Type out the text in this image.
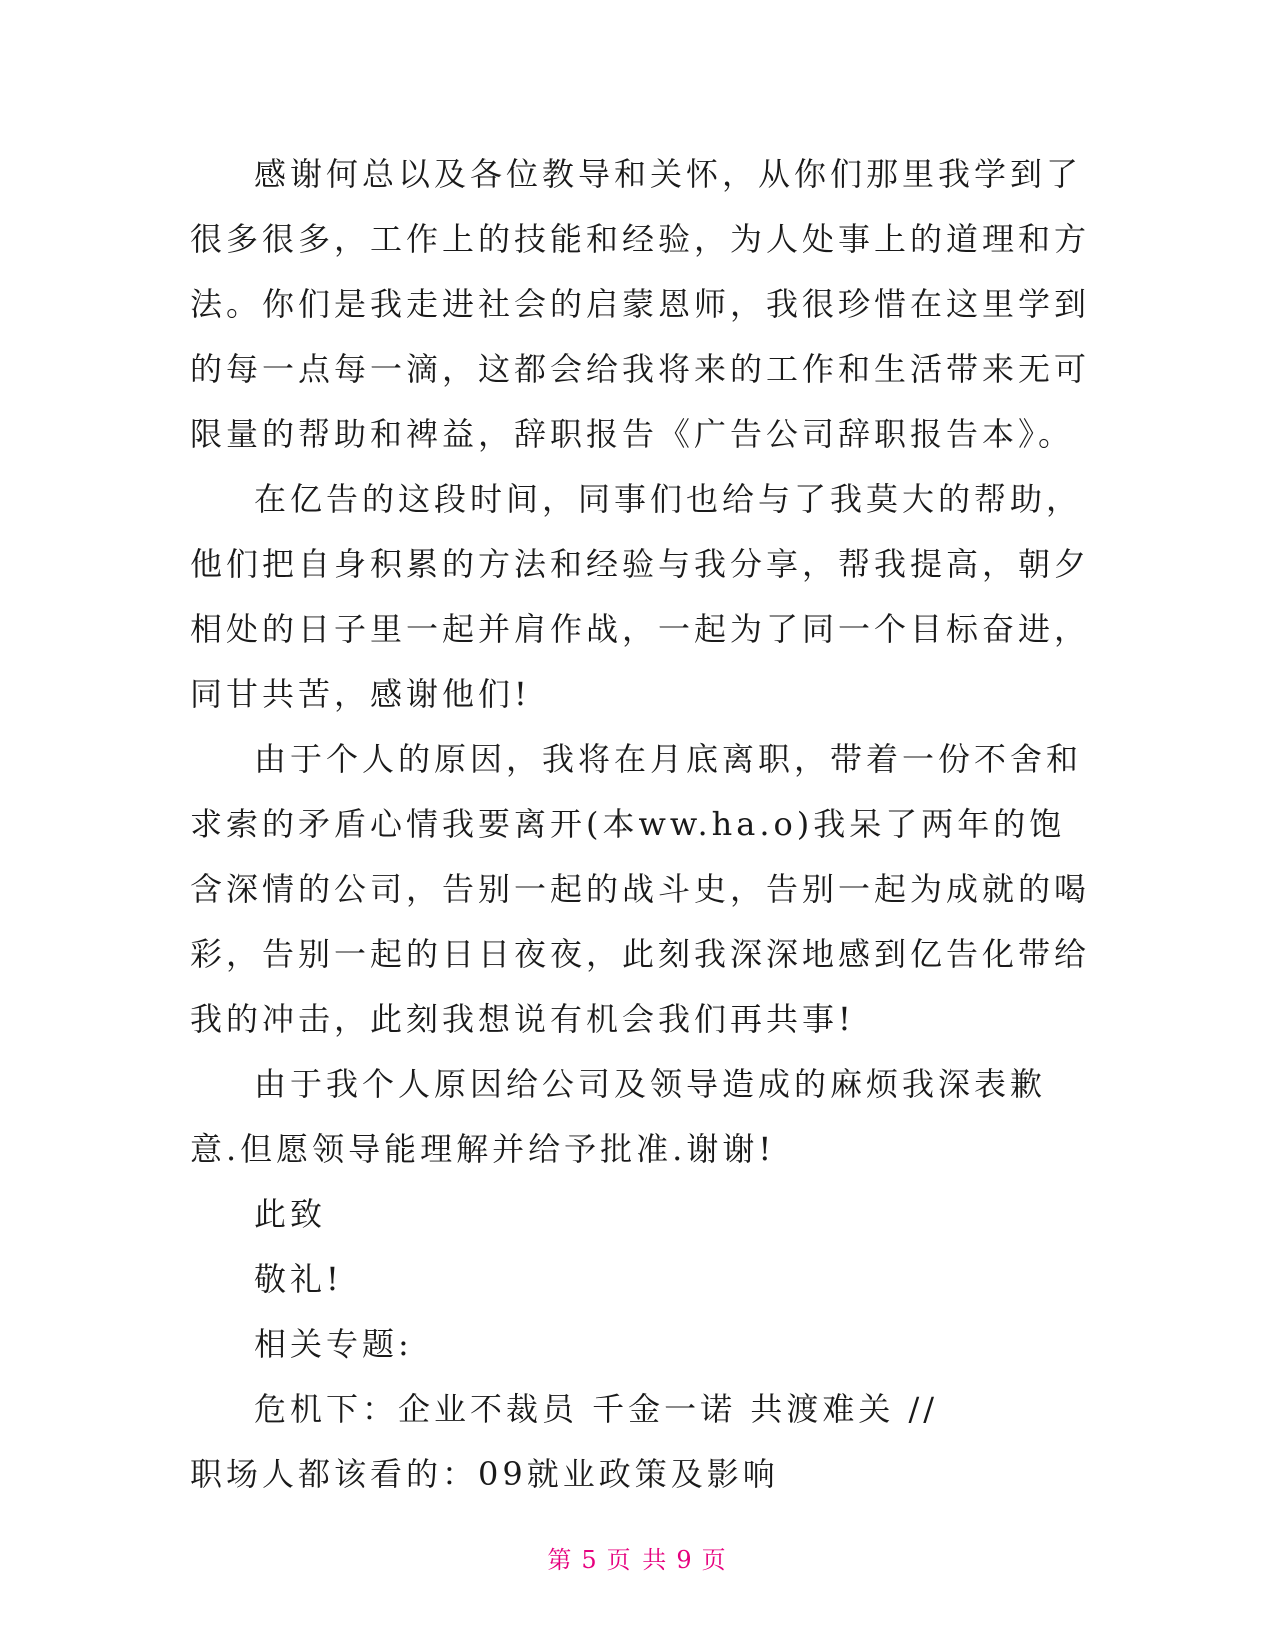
感谢何总以及各位教导和关怀，从你们那里我学到了很多很多，工作上的技能和经验，为人处事上的道理和方法。你们是我走进社会的启蒙恩师，我很珍惜在这里学到的每一点每一滴，这都会给我将来的工作和生活带来无可限量的帮助和裨益，辞职报告《广告公司辞职报告本》。

在亿告的这段时间，同事们也给与了我莫大的帮助，他们把自身积累的方法和经验与我分享，帮我提高，朝夕相处的日子里一起并肩作战，一起为了同一个目标奋进，同甘共苦，感谢他们!

由于个人的原因，我将在月底离职，带着一份不舍和求索的矛盾心情我要离开(本ww.ha.o)我呆了两年的饱含深情的公司，告别一起的战斗史，告别一起为成就的喝彩，告别一起的日日夜夜，此刻我深深地感到亿告化带给我的冲击，此刻我想说有机会我们再共事!

由于我个人原因给公司及领导造成的麻烦我深表歉意.但愿领导能理解并给予批准.谢谢!

此致

敬礼!

相关专题:

危机下：企业不裁员 千金一诺 共渡难关 //

职场人都该看的：09就业政策及影响

第 5 页 共 9 页
